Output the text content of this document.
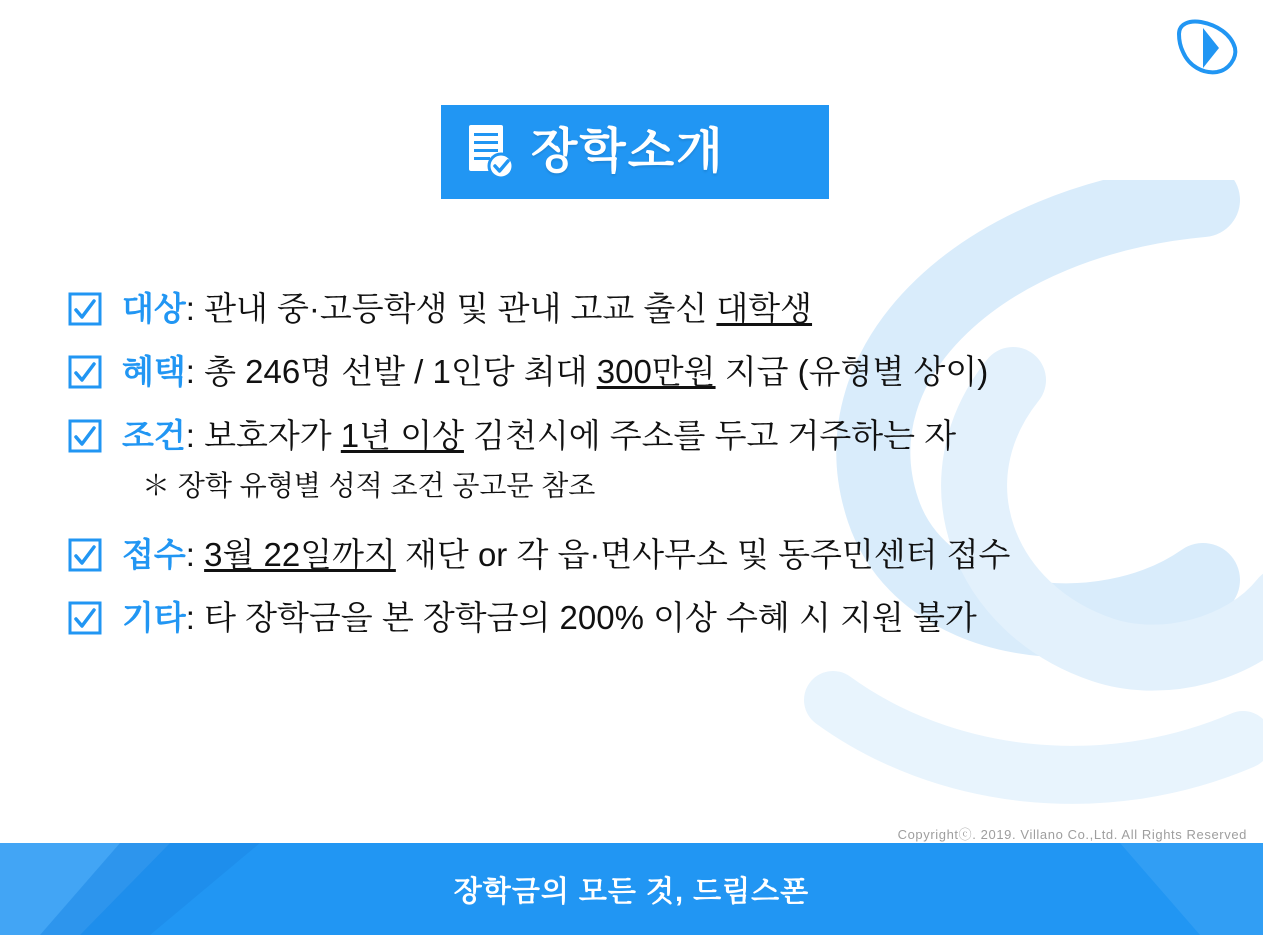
장학소개
대상: 관내 중·고등학생 및 관내 고교 출신 대학생
혜택: 총 246명 선발 / 1인당 최대 300만원 지급 (유형별 상이)
조건: 보호자가 1년 이상 김천시에 주소를 두고 거주하는 자
＊ 장학 유형별 성적 조건 공고문 참조
접수: 3월 22일까지 재단 or 각 읍·면사무소 및 동주민센터 접수
기타: 타 장학금을 본 장학금의 200% 이상 수혜 시 지원 불가
Copyrightⓒ. 2019. Villano Co.,Ltd. All Rights Reserved
장학금의 모든 것, 드림스폰
